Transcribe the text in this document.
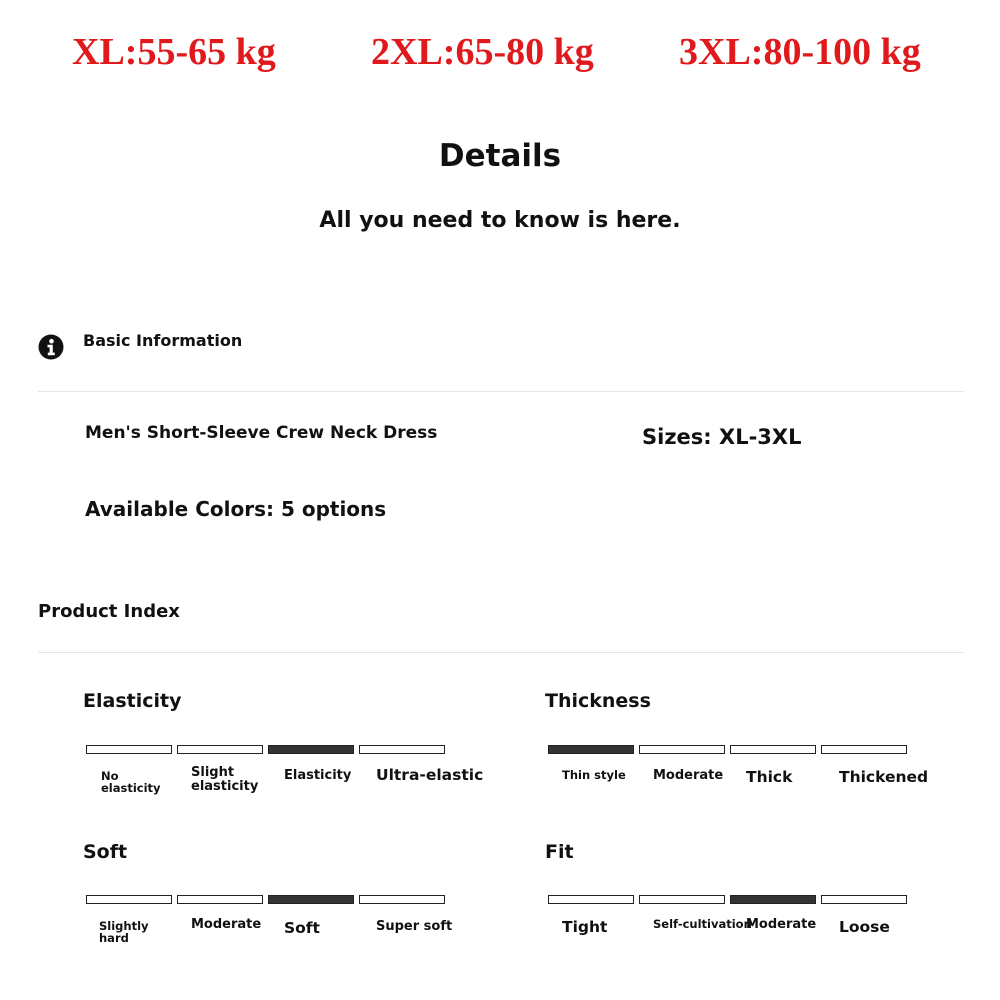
XL:55-65 kg	2XL:65-80 kg 3XL:80-100 kg
Details
All you need to know is here.
Basic Information
Men's Short-Sleeve Crew Neck Dress	Sizes: XL-3XL
Available Colors: 5 options
Product Index
Elasticity
No
elasticity
Slight
elasticity
Elasticity Ultra-elastic
Thickness
Thin style Moderate Thick	Thickened
Soft
Slightly
hard
Moderate Soft	Super soft
Fit
Tight	Self-cultivation
Moderate Loose
